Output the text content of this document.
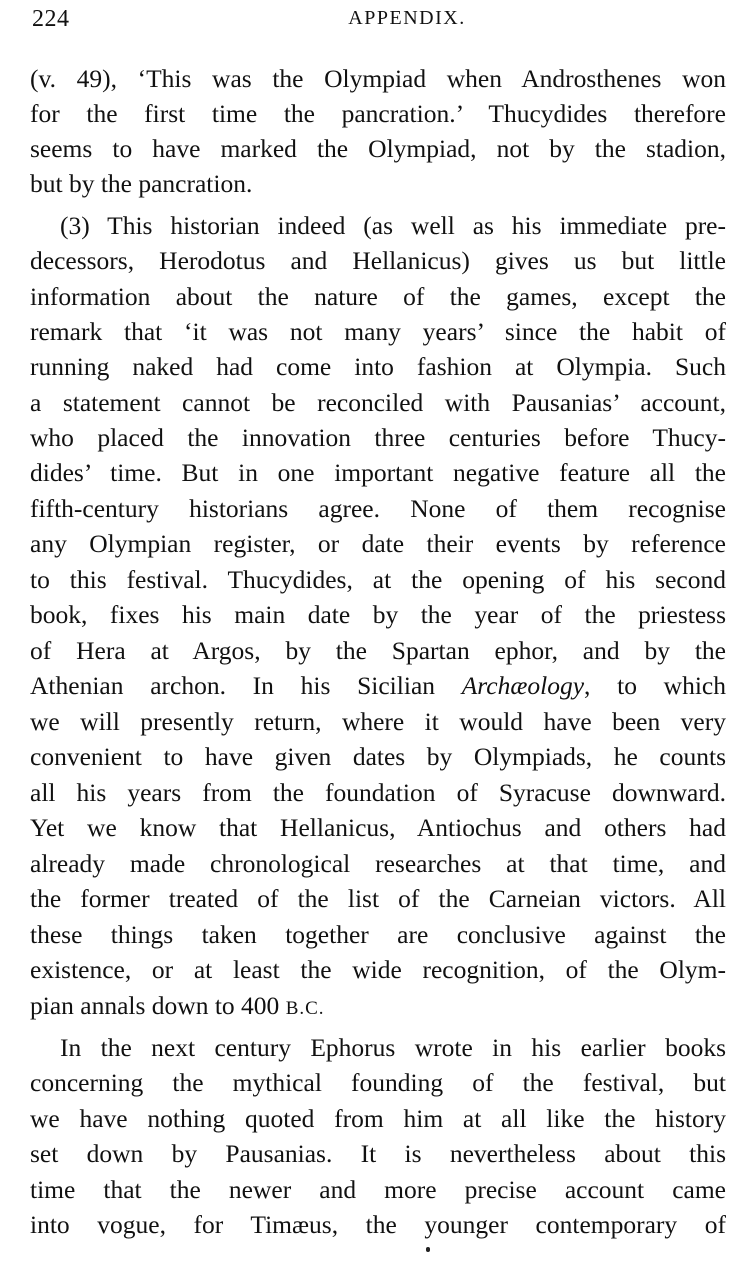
224	APPENDIX.
(v. 49), ‘This was the Olympiad when Androsthenes won
for the first time the pancration.’ Thucydides therefore
seems to have marked the Olympiad, not by the stadion,
but by the pancration.
(3) This historian indeed (as well as his immediate pre-
decessors, Herodotus and Hellanicus) gives us but little
information about the nature of the games, except the
remark that ‘it was not many years’ since the habit of
running naked had come into fashion at Olympia. Such
a statement cannot be reconciled with Pausanias’ account,
who placed the innovation three centuries before Thucy-
dides’ time. But in one important negative feature all the
fifth-century historians agree. None of them recognise
any Olympian register, or date their events by reference
to this festival. Thucydides, at the opening of his second
book, fixes his main date by the year of the priestess
of Hera at Argos, by the Spartan ephor, and by the
Athenian archon. In his Sicilian Archæology, to which
we will presently return, where it would have been very
convenient to have given dates by Olympiads, he counts
all his years from the foundation of Syracuse downward.
Yet we know that Hellanicus, Antiochus and others had
already made chronological researches at that time, and
the former treated of the list of the Carneian victors. All
these things taken together are conclusive against the
existence, or at least the wide recognition, of the Olym-
pian annals down to 400 B.C.
In the next century Ephorus wrote in his earlier books
concerning the mythical founding of the festival, but
we have nothing quoted from him at all like the history
set down by Pausanias. It is nevertheless about this
time that the newer and more precise account came
into vogue, for Timæus, the younger contemporary of
